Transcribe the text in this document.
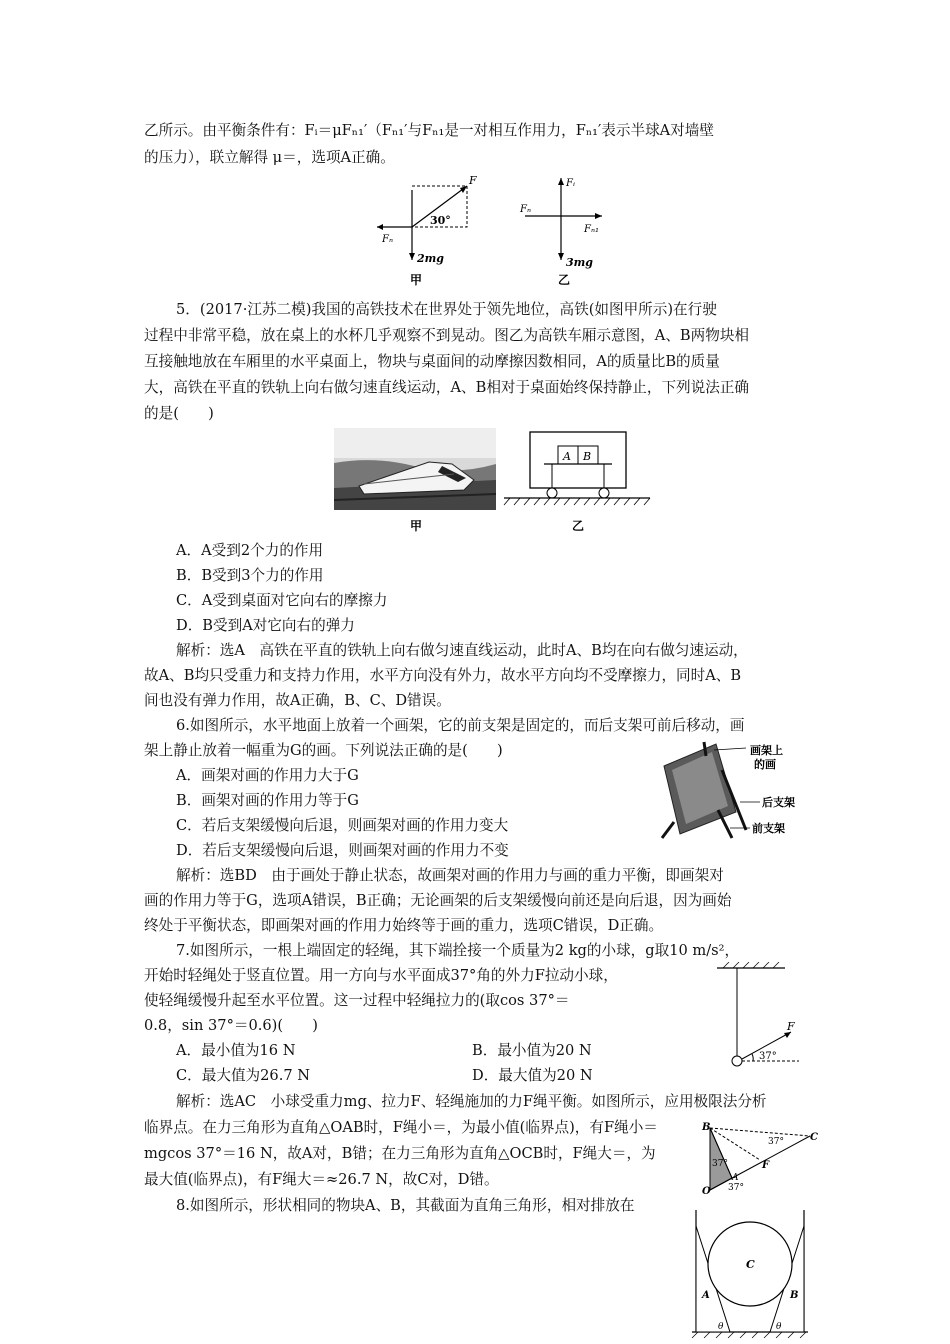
乙所示。由平衡条件有：Fᵢ＝μFₙ₁′（Fₙ₁′与Fₙ₁是一对相互作用力，Fₙ₁′表示半球A对墙壁
的压力），联立解得 μ＝，选项A正确。
F
30°
Fₙ
2mg
甲
Fᵢ
Fₙ
Fₙ₁
3mg
乙
5．(2017·江苏二模)我国的高铁技术在世界处于领先地位，高铁(如图甲所示)在行驶
过程中非常平稳，放在桌上的水杯几乎观察不到晃动。图乙为高铁车厢示意图，A、B两物块相
互接触地放在车厢里的水平桌面上，物块与桌面间的动摩擦因数相同，A的质量比B的质量
大，高铁在平直的铁轨上向右做匀速直线运动，A、B相对于桌面始终保持静止，下列说法正确
的是(　　)
甲
A B
乙
A．A受到2个力的作用
B．B受到3个力的作用
C．A受到桌面对它向右的摩擦力
D．B受到A对它向右的弹力
解析：选A　高铁在平直的铁轨上向右做匀速直线运动，此时A、B均在向右做匀速运动，
故A、B均只受重力和支持力作用，水平方向没有外力，故水平方向均不受摩擦力，同时A、B
间也没有弹力作用，故A正确，B、C、D错误。
6.如图所示，水平地面上放着一个画架，它的前支架是固定的，而后支架可前后移动，画
架上静止放着一幅重为G的画。下列说法正确的是(　　)
A．画架对画的作用力大于G
B．画架对画的作用力等于G
C．若后支架缓慢向后退，则画架对画的作用力变大
D．若后支架缓慢向后退，则画架对画的作用力不变
画架上
的画
后支架
前支架
解析：选BD　由于画处于静止状态，故画架对画的作用力与画的重力平衡，即画架对
画的作用力等于G，选项A错误，B正确；无论画架的后支架缓慢向前还是向后退，因为画始
终处于平衡状态，即画架对画的作用力始终等于画的重力，选项C错误，D正确。
7.如图所示，一根上端固定的轻绳，其下端拴接一个质量为2 kg的小球，g取10 m/s²，
开始时轻绳处于竖直位置。用一方向与水平面成37°角的外力F拉动小球，
使轻绳缓慢升起至水平位置。这一过程中轻绳拉力的(取cos 37°＝
0.8，sin 37°＝0.6)(　　)	F
37°
A．最小值为16 N	B．最小值为20 N
C．最大值为26.7 N	D．最大值为20 N
解析：选AC　小球受重力mg、拉力F、轻绳施加的力F绳平衡。如图所示，应用极限法分析
临界点。在力三角形为直角△OAB时，F绳小＝，为最小值(临界点)，有F绳小＝
mgcos 37°＝16 N，故A对，B错；在力三角形为直角△OCB时，F绳大＝，为
最大值(临界点)，有F绳大＝≈26.7 N，故C对，D错。
8.如图所示，形状相同的物块A、B，其截面为直角三角形，相对排放在
B
C
O
A
F
37°
37°
37°
C
A	B
θ	θ
